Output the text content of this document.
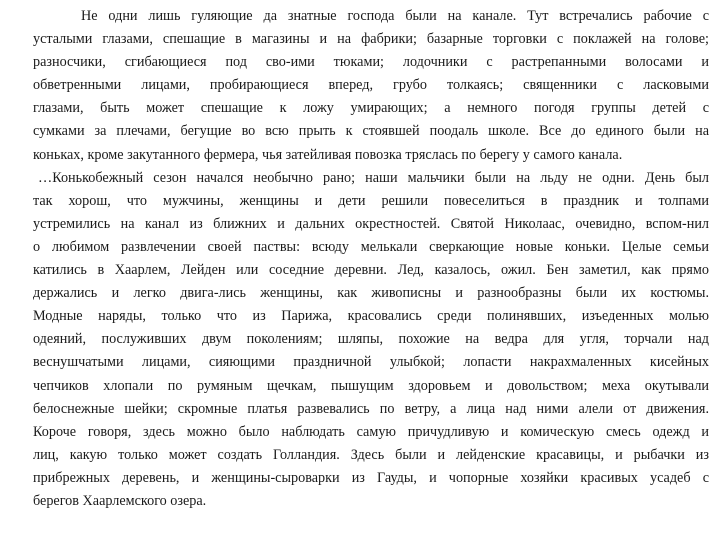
Не одни лишь гуляющие да знатные господа были на канале. Тут встречались рабочие с
усталыми глазами, спешащие в магазины и на фабрики; базарные торговки с поклажей на голове;
разносчики, сгибающиеся под сво-ими тюками; лодочники с растрепанными волосами и
обветренными лицами, пробирающиеся вперед, грубо толкаясь; священники с ласковыми
глазами, быть может спешащие к ложу умирающих; а немного погодя группы детей с
сумками за плечами, бегущие во всю прыть к стоявшей поодаль школе. Все до единого были на
коньках, кроме закутанного фермера, чья затейливая повозка тряслась по берегу у самого канала.
…Конькобежный сезон начался необычно рано; наши мальчики были на льду не одни. День был
так хорош, что мужчины, женщины и дети решили повеселиться в праздник и толпами
устремились на канал из ближних и дальних окрестностей. Святой Николаас, очевидно, вспом-нил
о любимом развлечении своей паствы: всюду мелькали сверкающие новые коньки. Целые семьи
катились в Хаарлем, Лейден или соседние деревни. Лед, казалось, ожил. Бен заметил, как прямо
держались и легко двига-лись женщины, как живописны и разнообразны были их костюмы.
Модные наряды, только что из Парижа, красовались среди полинявших, изъеденных молью
одеяний, послуживших двум поколениям; шляпы, похожие на ведра для угля, торчали над
веснушчатыми лицами, сияющими праздничной улыбкой; лопасти накрахмаленных кисейных
чепчиков хлопали по румяным щечкам, пышущим здоровьем и довольством; меха окутывали
белоснежные шейки; скромные платья развевались по ветру, а лица над ними алели от движения.
Короче говоря, здесь можно было наблюдать самую причудливую и комическую смесь одежд и
лиц, какую только может создать Голландия. Здесь были и лейденские красавицы, и рыбачки из
прибрежных деревень, и женщины-сыроварки из Гауды, и чопорные хозяйки красивых усадеб с
берегов Хаарлемского озера.
